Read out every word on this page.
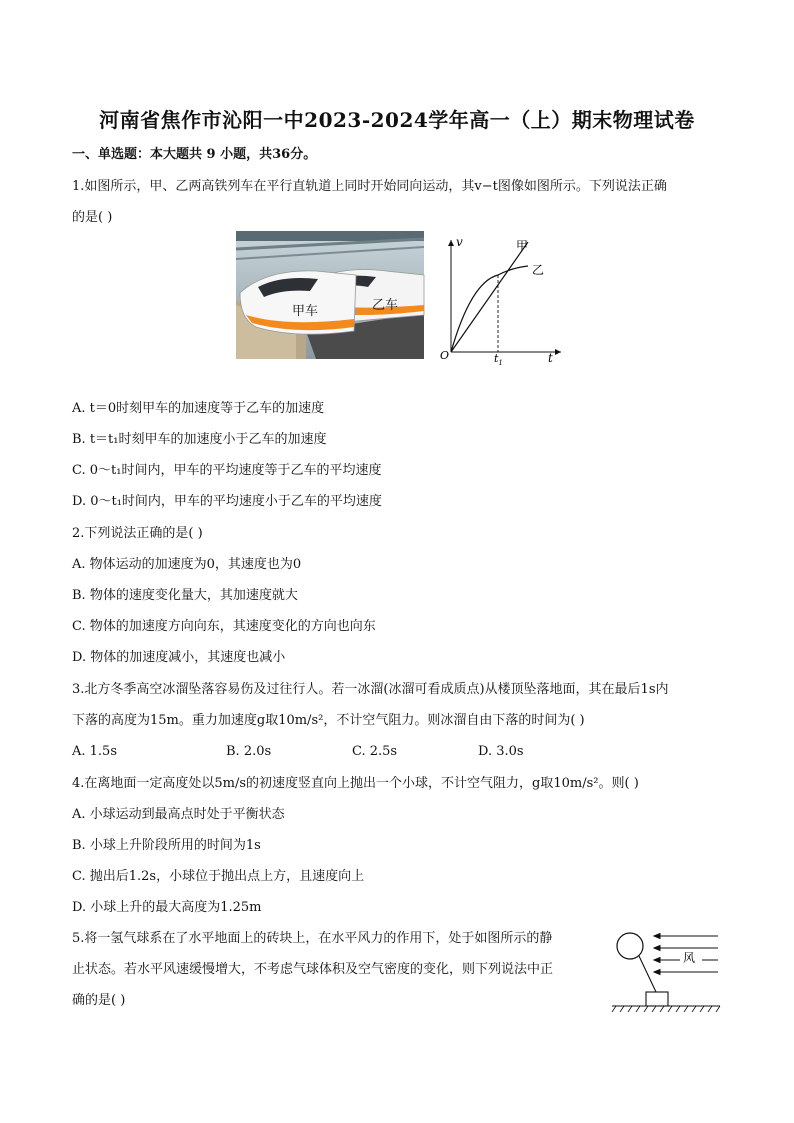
河南省焦作市沁阳一中2023-2024学年高一（上）期末物理试卷
一、单选题：本大题共 9 小题，共36分。
1.如图所示，甲、乙两高铁列车在平行直轨道上同时开始同向运动，其v−t图像如图所示。下列说法正确
的是( )
甲车	乙车
v
t
O	$t_1$
甲
乙
A. t＝0时刻甲车的加速度等于乙车的加速度
B. t＝t₁时刻甲车的加速度小于乙车的加速度
C. 0～t₁时间内，甲车的平均速度等于乙车的平均速度
D. 0～t₁时间内，甲车的平均速度小于乙车的平均速度
2.下列说法正确的是( )
A. 物体运动的加速度为0，其速度也为0
B. 物体的速度变化量大，其加速度就大
C. 物体的加速度方向向东，其速度变化的方向也向东
D. 物体的加速度减小，其速度也减小
3.北方冬季高空冰溜坠落容易伤及过往行人。若一冰溜(冰溜可看成质点)从楼顶坠落地面，其在最后1s内
下落的高度为15m。重力加速度g取10m/s²，不计空气阻力。则冰溜自由下落的时间为( )
A. 1.5s	B. 2.0s	C. 2.5s	D. 3.0s
4.在离地面一定高度处以5m/s的初速度竖直向上抛出一个小球，不计空气阻力，g取10m/s²。则( )
A. 小球运动到最高点时处于平衡状态
B. 小球上升阶段所用的时间为1s
C. 抛出后1.2s，小球位于抛出点上方，且速度向上
D. 小球上升的最大高度为1.25m
5.将一氢气球系在了水平地面上的砖块上，在水平风力的作用下，处于如图所示的静
止状态。若水平风速缓慢增大，不考虑气球体积及空气密度的变化，则下列说法中正
确的是( )
风
